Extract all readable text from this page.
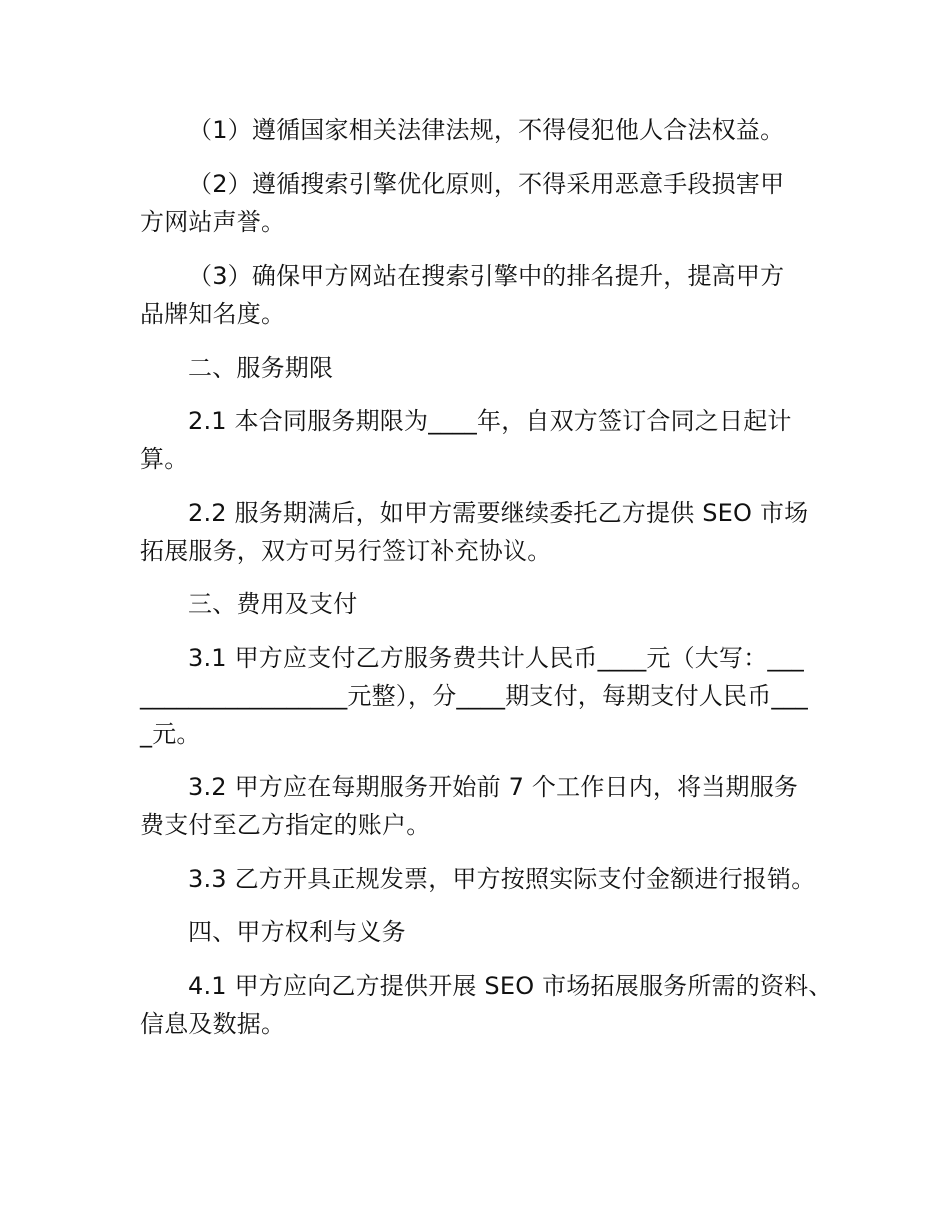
（1）遵循国家相关法律法规，不得侵犯他人合法权益。
（2）遵循搜索引擎优化原则，不得采用恶意手段损害甲
方网站声誉。
（3）确保甲方网站在搜索引擎中的排名提升，提高甲方
品牌知名度。
二、服务期限
2.1 本合同服务期限为____年，自双方签订合同之日起计
算。
2.2 服务期满后，如甲方需要继续委托乙方提供 SEO 市场
拓展服务，双方可另行签订补充协议。
三、费用及支付
3.1 甲方应支付乙方服务费共计人民币____元（大写：___
_________________元整），分____期支付，每期支付人民币___
_元。
3.2 甲方应在每期服务开始前 7 个工作日内，将当期服务
费支付至乙方指定的账户。
3.3 乙方开具正规发票，甲方按照实际支付金额进行报销。
四、甲方权利与义务
4.1 甲方应向乙方提供开展 SEO 市场拓展服务所需的资料、
信息及数据。
